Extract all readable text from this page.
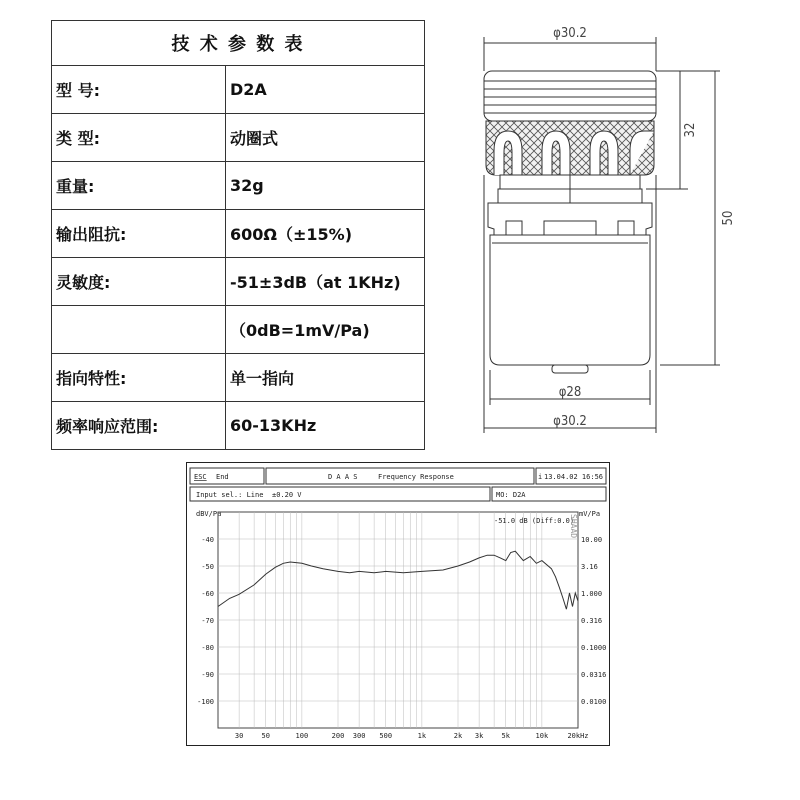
技 术 参 数 表	
型 号:	D2A
类 型:	动圈式
重量:	32g
输出阻抗:	600Ω（±15%)
灵敏度:	-51±3dB（at 1KHz)
	（0dB=1mV/Pa)
指向特性:	单一指向
频率响应范围:	60-13KHz
φ30.2
32
50
φ28
φ30.2
ESC End	D A A S	Frequency Response	i 13.04.02 16:56
Input sel.: Line ±0.20 V	MO: D2A
-51.0 dB (Diff:0.0)
dBV/Pa	mV/Pa
SHAAD
-40
-50
-60
-70
-80
-90
-100
10.00
3.16
1.000
0.316
0.1000
0.0316
0.0100
30	50	100	200 300 500	1k	2k 3k	5k	10k	20kHz
